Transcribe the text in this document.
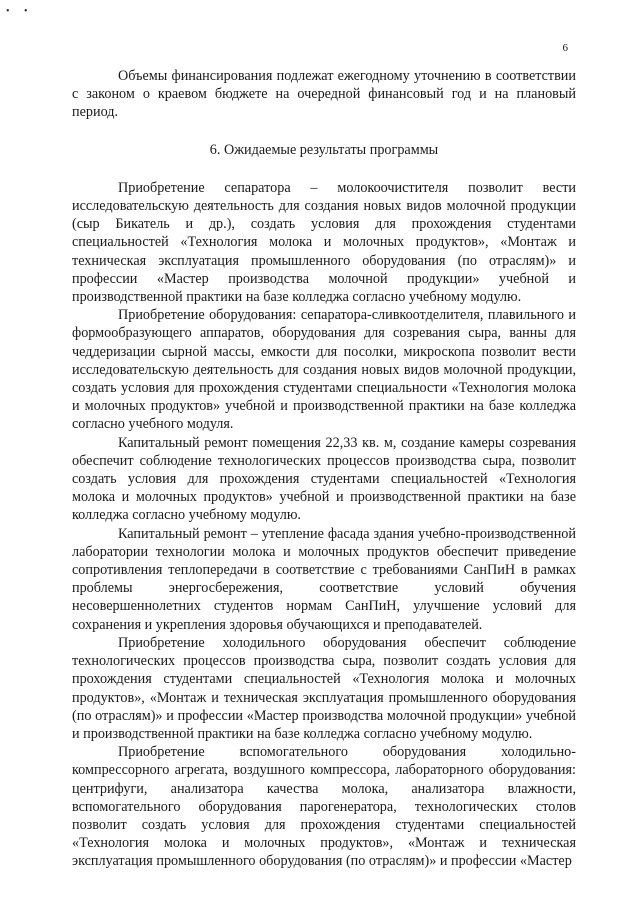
• •
6

Объемы финансирования подлежат ежегодному уточнению в соответствии с законом о краевом бюджете на очередной финансовый год и на плановый период.

6. Ожидаемые результаты программы

Приобретение сепаратора – молокоочистителя позволит вести исследовательскую деятельность для создания новых видов молочной продукции (сыр Бикатель и др.), создать условия для прохождения студентами специальностей «Технология молока и молочных продуктов», «Монтаж и техническая эксплуатация промышленного оборудования (по отраслям)» и профессии «Мастер производства молочной продукции» учебной и производственной практики на базе колледжа согласно учебному модулю.

Приобретение оборудования: сепаратора-сливкоотделителя, плавильного и формообразующего аппаратов, оборудования для созревания сыра, ванны для чеддеризации сырной массы, емкости для посолки, микроскопа позволит вести исследовательскую деятельность для создания новых видов молочной продукции, создать условия для прохождения студентами специальности «Технология молока и молочных продуктов» учебной и производственной практики на базе колледжа согласно учебного модуля.

Капитальный ремонт помещения 22,33 кв. м, создание камеры созревания обеспечит соблюдение технологических процессов производства сыра, позволит создать условия для прохождения студентами специальностей «Технология молока и молочных продуктов» учебной и производственной практики на базе колледжа согласно учебному модулю.

Капитальный ремонт – утепление фасада здания учебно-производственной лаборатории технологии молока и молочных продуктов обеспечит приведение сопротивления теплопередачи в соответствие с требованиями СанПиН в рамках проблемы энергосбережения, соответствие условий обучения несовершеннолетних студентов нормам СанПиН, улучшение условий для сохранения и укрепления здоровья обучающихся и преподавателей.

Приобретение холодильного оборудования обеспечит соблюдение технологических процессов производства сыра, позволит создать условия для прохождения студентами специальностей «Технология молока и молочных продуктов», «Монтаж и техническая эксплуатация промышленного оборудования (по отраслям)» и профессии «Мастер производства молочной продукции» учебной и производственной практики на базе колледжа согласно учебному модулю.

Приобретение вспомогательного оборудования холодильно-компрессорного агрегата, воздушного компрессора, лабораторного оборудования: центрифуги, анализатора качества молока, анализатора влажности, вспомогательного оборудования парогенератора, технологических столов позволит создать условия для прохождения студентами специальностей «Технология молока и молочных продуктов», «Монтаж и техническая эксплуатация промышленного оборудования (по отраслям)» и профессии «Мастер
